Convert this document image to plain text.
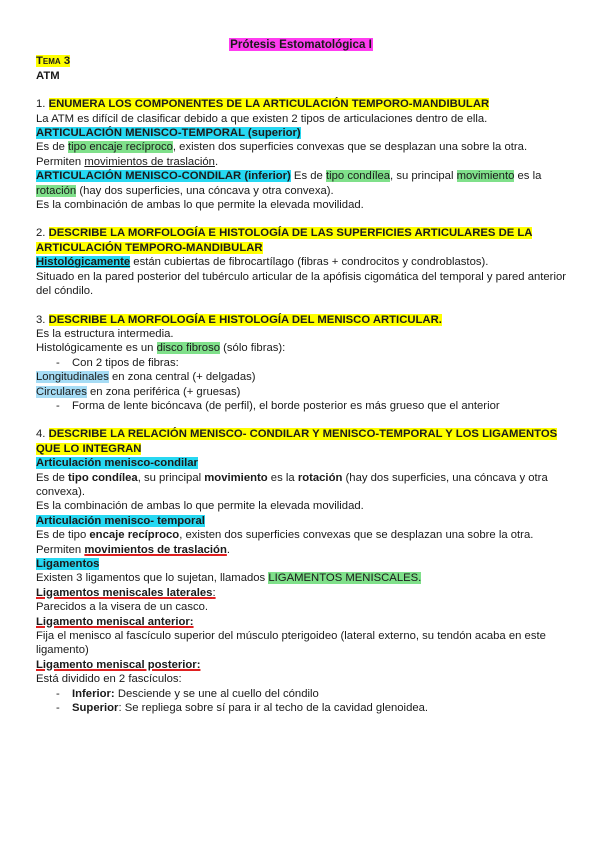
Prótesis Estomatológica I
Tema 3
ATM
1. ENUMERA LOS COMPONENTES DE LA ARTICULACIÓN TEMPORO-MANDIBULAR
La ATM es difícil de clasificar debido a que existen 2 tipos de articulaciones dentro de ella.
ARTICULACIÓN MENISCO-TEMPORAL (superior)
Es de tipo encaje recíproco, existen dos superficies convexas que se desplazan una sobre la otra. Permiten movimientos de traslación.
ARTICULACIÓN MENISCO-CONDILAR (inferior) Es de tipo condílea, su principal movimiento es la rotación (hay dos superficies, una cóncava y otra convexa).
Es la combinación de ambas lo que permite la elevada movilidad.
2. DESCRIBE LA MORFOLOGÍA E HISTOLOGÍA DE LAS SUPERFICIES ARTICULARES DE LA ARTICULACIÓN TEMPORO-MANDIBULAR
Histológicamente están cubiertas de fibrocartílago (fibras + condrocitos y condroblastos).
Situado en la pared posterior del tubérculo articular de la apófisis cigomática del temporal y pared anterior del cóndilo.
3. DESCRIBE LA MORFOLOGÍA E HISTOLOGÍA DEL MENISCO ARTICULAR.
Es la estructura intermedia.
Histológicamente es un disco fibroso (sólo fibras):
- Con 2 tipos de fibras:
Longitudinales en zona central (+ delgadas)
Circulares en zona periférica (+ gruesas)
- Forma de lente bicóncava (de perfil), el borde posterior es más grueso que el anterior
4. DESCRIBE LA RELACIÓN MENISCO- CONDILAR Y MENISCO-TEMPORAL Y LOS LIGAMENTOS QUE LO INTEGRAN
Articulación menisco-condilar
Es de tipo condílea, su principal movimiento es la rotación (hay dos superficies, una cóncava y otra convexa).
Es la combinación de ambas lo que permite la elevada movilidad.
Articulación menisco- temporal
Es de tipo encaje recíproco, existen dos superficies convexas que se desplazan una sobre la otra. Permiten movimientos de traslación.
Ligamentos
Existen 3 ligamentos que lo sujetan, llamados LIGAMENTOS MENISCALES.
Ligamentos meniscales laterales:
Parecidos a la visera de un casco.
Ligamento meniscal anterior:
Fija el menisco al fascículo superior del músculo pterigoideo (lateral externo, su tendón acaba en este ligamento)
Ligamento meniscal posterior:
Está dividido en 2 fascículos:
- Inferior: Desciende y se une al cuello del cóndilo
- Superior: Se repliega sobre sí para ir al techo de la cavidad glenoidea.
